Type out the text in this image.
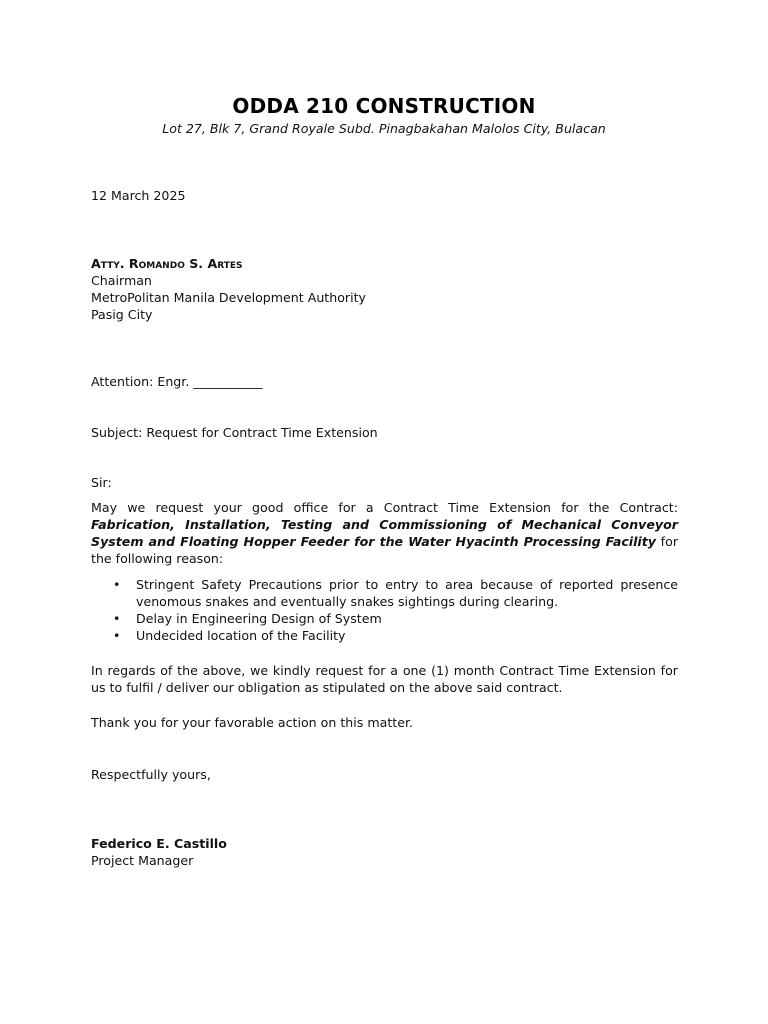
ODDA 210 CONSTRUCTION
Lot 27, Blk 7, Grand Royale Subd. Pinagbakahan Malolos City, Bulacan
12 March 2025
Atty. Romando S. Artes
Chairman
MetroPolitan Manila Development Authority
Pasig City
Attention: Engr. ___________
Subject: Request for Contract Time Extension
Sir:
May we request your good office for a Contract Time Extension for the Contract: Fabrication, Installation, Testing and Commissioning of Mechanical Conveyor System and Floating Hopper Feeder for the Water Hyacinth Processing Facility for the following reason:
• Stringent Safety Precautions prior to entry to area because of reported presence venomous snakes and eventually snakes sightings during clearing.
• Delay in Engineering Design of System
• Undecided location of the Facility
In regards of the above, we kindly request for a one (1) month Contract Time Extension for us to fulfil / deliver our obligation as stipulated on the above said contract.
Thank you for your favorable action on this matter.
Respectfully yours,
Federico E. Castillo
Project Manager
